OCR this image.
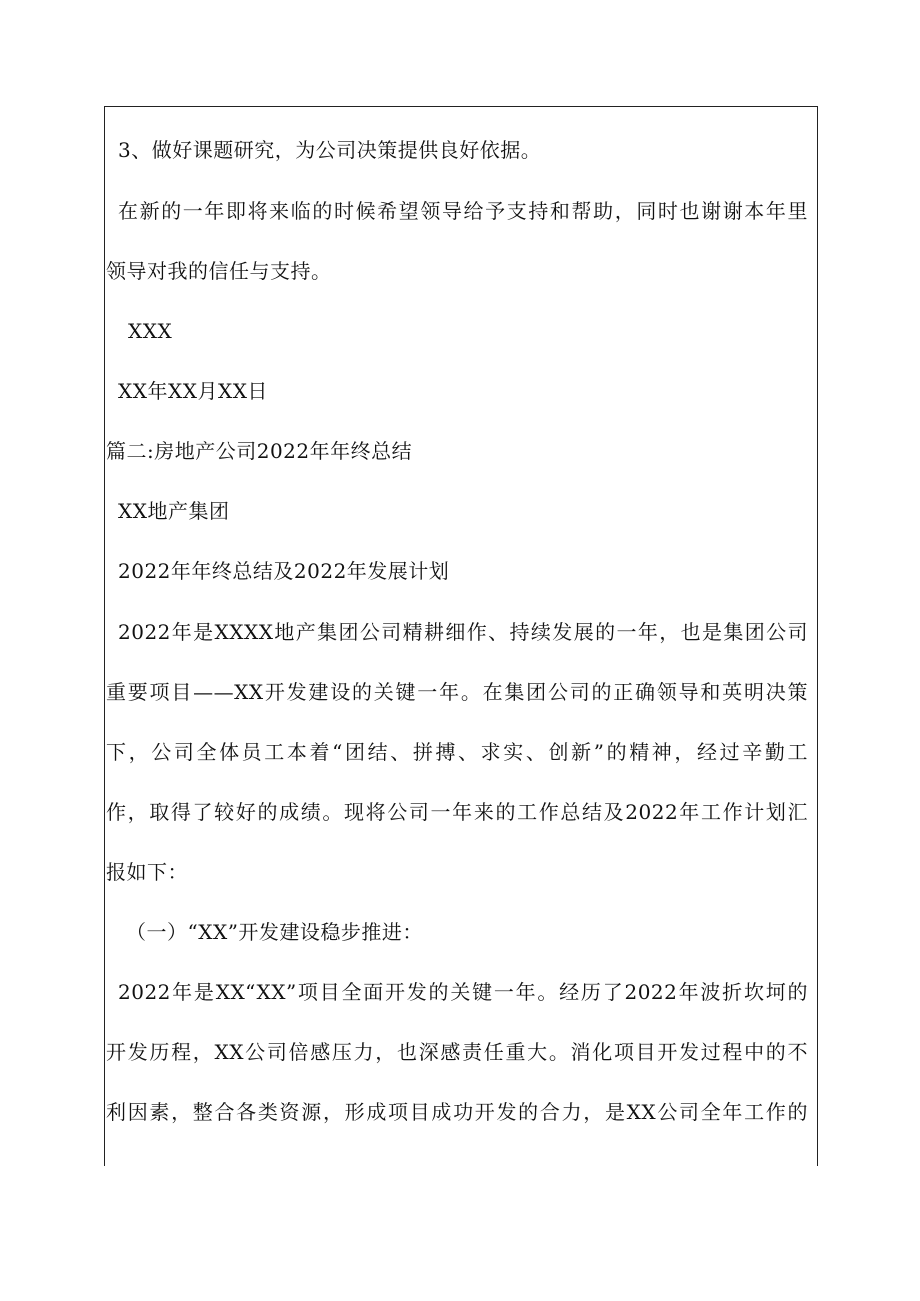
3、做好课题研究，为公司决策提供良好依据。
在新的一年即将来临的时候希望领导给予支持和帮助，同时也谢谢本年里
领导对我的信任与支持。
XXX
XX年XX月XX日
篇二:房地产公司2022年年终总结
XX地产集团
2022年年终总结及2022年发展计划
2022年是XXXX地产集团公司精耕细作、持续发展的一年，也是集团公司
重要项目——XX开发建设的关键一年。在集团公司的正确领导和英明决策
下，公司全体员工本着“团结、拼搏、求实、创新”的精神，经过辛勤工
作，取得了较好的成绩。现将公司一年来的工作总结及2022年工作计划汇
报如下：
（一）“XX”开发建设稳步推进：
2022年是XX“XX”项目全面开发的关键一年。经历了2022年波折坎坷的
开发历程，XX公司倍感压力，也深感责任重大。消化项目开发过程中的不
利因素，整合各类资源，形成项目成功开发的合力，是XX公司全年工作的
